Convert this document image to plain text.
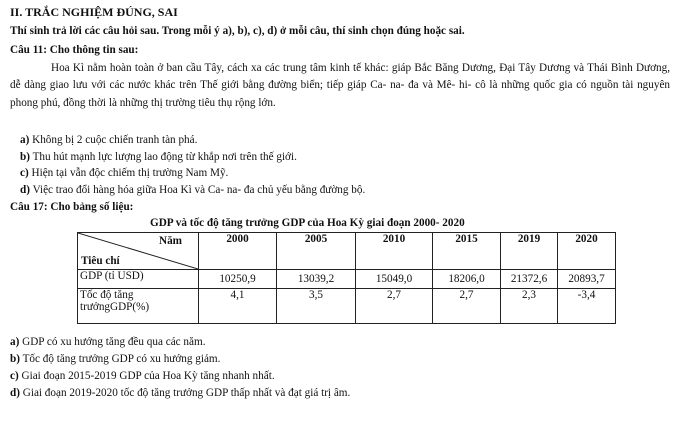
II. TRẮC NGHIỆM ĐÚNG, SAI
Thí sinh trả lời các câu hỏi sau. Trong mỗi ý a), b), c), d) ở mỗi câu, thí sinh chọn đúng hoặc sai.
Câu 11: Cho thông tin sau:
Hoa Kì nằm hoàn toàn ở ban cầu Tây, cách xa các trung tâm kinh tế khác: giáp Bắc Băng Dương, Đại Tây Dương và Thái Bình Dương, dễ dàng giao lưu với các nước khác trên Thế giới bằng đường biển; tiếp giáp Ca- na- đa và Mê- hi- cô là những quốc gia có nguồn tài nguyên phong phú, đồng thời là những thị trường tiêu thụ rộng lớn.
a) Không bị 2 cuộc chiến tranh tàn phá.
b) Thu hút mạnh lực lượng lao động từ khắp nơi trên thế giới.
c) Hiện tại vẫn độc chiếm thị trường Nam Mỹ.
d) Việc trao đổi hàng hóa giữa Hoa Kì và Ca- na- đa chủ yếu bằng đường bộ.
Câu 17: Cho bảng số liệu:
GDP và tốc độ tăng trưởng GDP của Hoa Kỳ giai đoạn 2000- 2020
Năm
Tiêu chí	2000	2005	2010	2015	2019	2020
GDP (tỉ USD)	10250,9	13039,2	15049,0	18206,0	21372,6	20893,7

Tốc độ tăng
trưởngGDP(%)	4,1	3,5	2,7	2,7	2,3	-3,4
a) GDP có xu hướng tăng đều qua các năm.
b) Tốc độ tăng trưởng GDP có xu hướng giảm.
c) Giai đoạn 2015-2019 GDP của Hoa Kỳ tăng nhanh nhất.
d) Giai đoạn 2019-2020 tốc độ tăng trưởng GDP thấp nhất và đạt giá trị âm.
